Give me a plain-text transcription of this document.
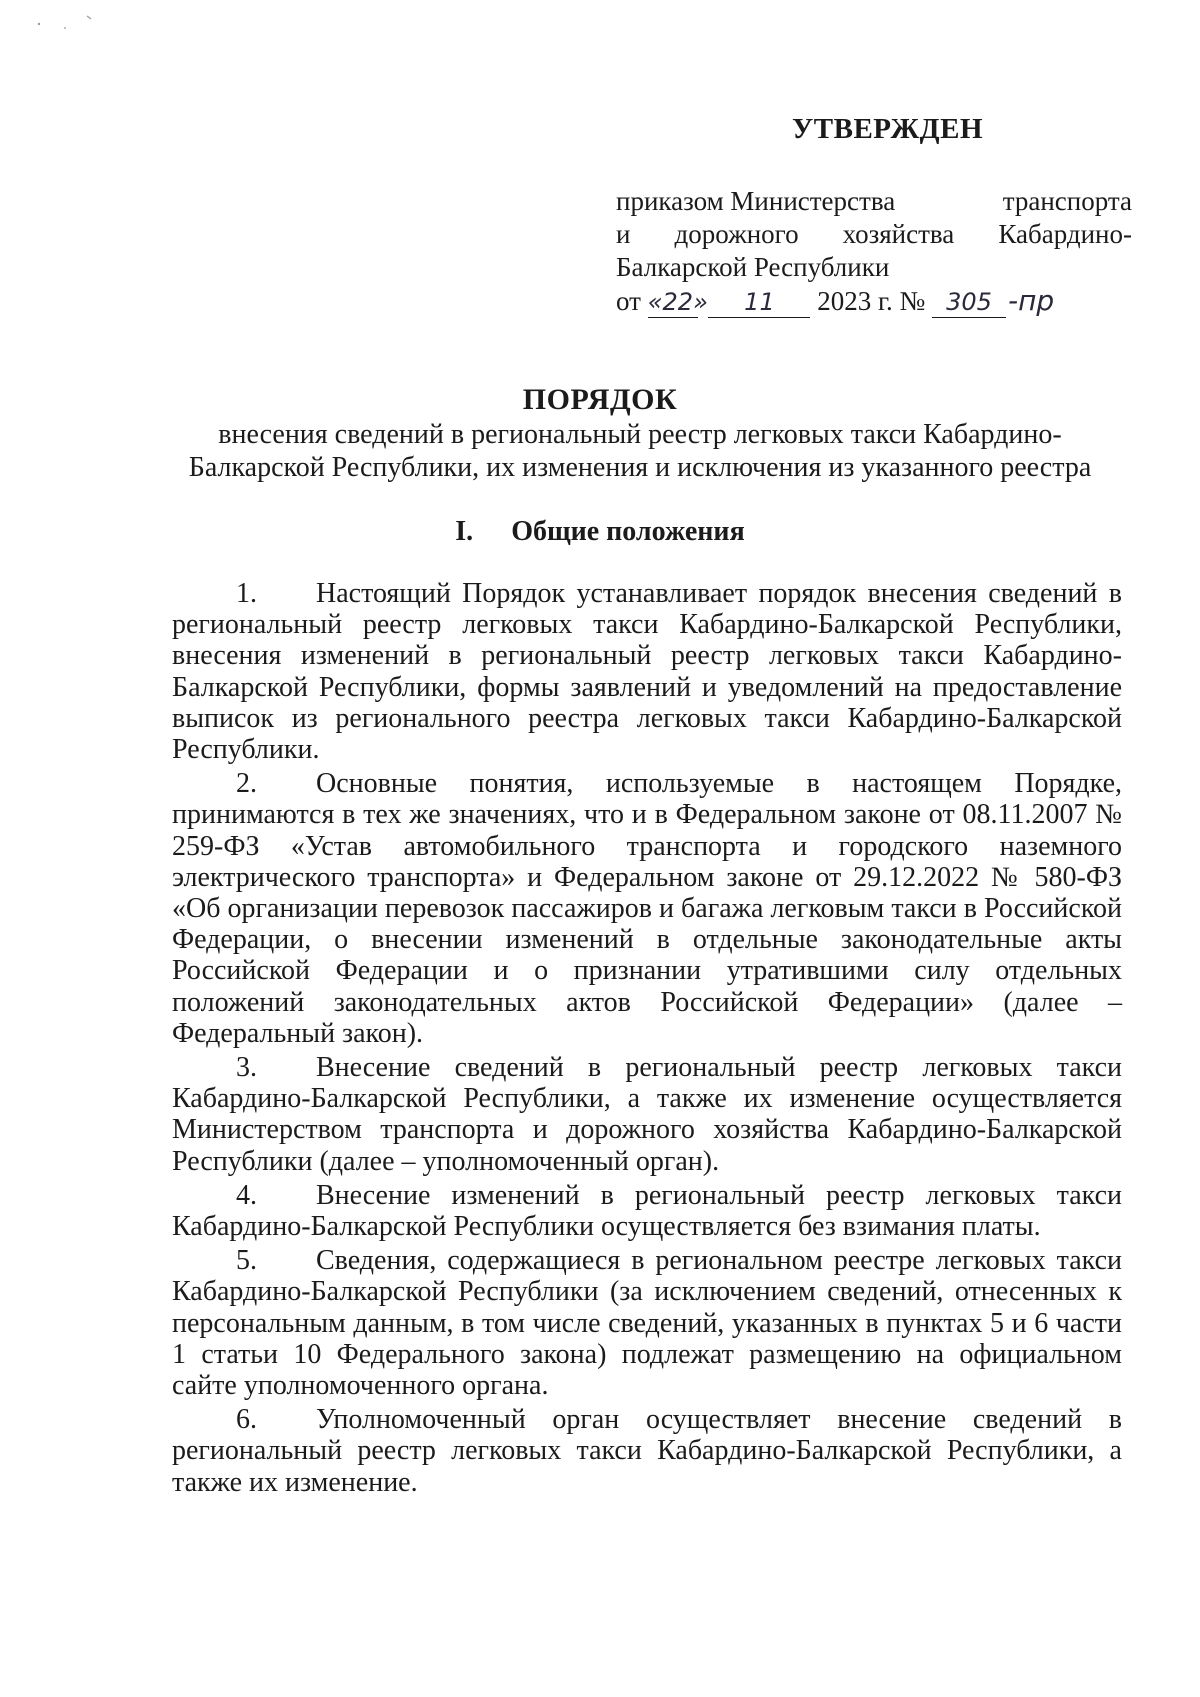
УТВЕРЖДЕН
приказом Министерства	транспорта
и дорожного хозяйства Кабардино-
Балкарской Республики
от «22» 11 2023 г. № 305 -пр
ПОРЯДОК

внесения сведений в региональный реестр легковых такси Кабардино-Балкарской Республики, их изменения и исключения из указанного реестра

I. Общие положения

1. Настоящий Порядок устанавливает порядок внесения сведений в региональный реестр легковых такси Кабардино-Балкарской Республики, внесения изменений в региональный реестр легковых такси Кабардино-Балкарской Республики, формы заявлений и уведомлений на предоставление выписок из регионального реестра легковых такси Кабардино-Балкарской Республики.

2. Основные понятия, используемые в настоящем Порядке, принимаются в тех же значениях, что и в Федеральном законе от 08.11.2007 № 259-ФЗ «Устав автомобильного транспорта и городского наземного электрического транспорта» и Федеральном законе от 29.12.2022 № 580-ФЗ «Об организации перевозок пассажиров и багажа легковым такси в Российской Федерации, о внесении изменений в отдельные законодательные акты Российской Федерации и о признании утратившими силу отдельных положений законодательных актов Российской Федерации» (далее – Федеральный закон).

3. Внесение сведений в региональный реестр легковых такси Кабардино-Балкарской Республики, а также их изменение осуществляется Министерством транспорта и дорожного хозяйства Кабардино-Балкарской Республики (далее – уполномоченный орган).

4. Внесение изменений в региональный реестр легковых такси Кабардино-Балкарской Республики осуществляется без взимания платы.

5. Сведения, содержащиеся в региональном реестре легковых такси Кабардино-Балкарской Республики (за исключением сведений, отнесенных к персональным данным, в том числе сведений, указанных в пунктах 5 и 6 части 1 статьи 10 Федерального закона) подлежат размещению на официальном сайте уполномоченного органа.

6. Уполномоченный орган осуществляет внесение сведений в региональный реестр легковых такси Кабардино-Балкарской Республики, а также их изменение.
